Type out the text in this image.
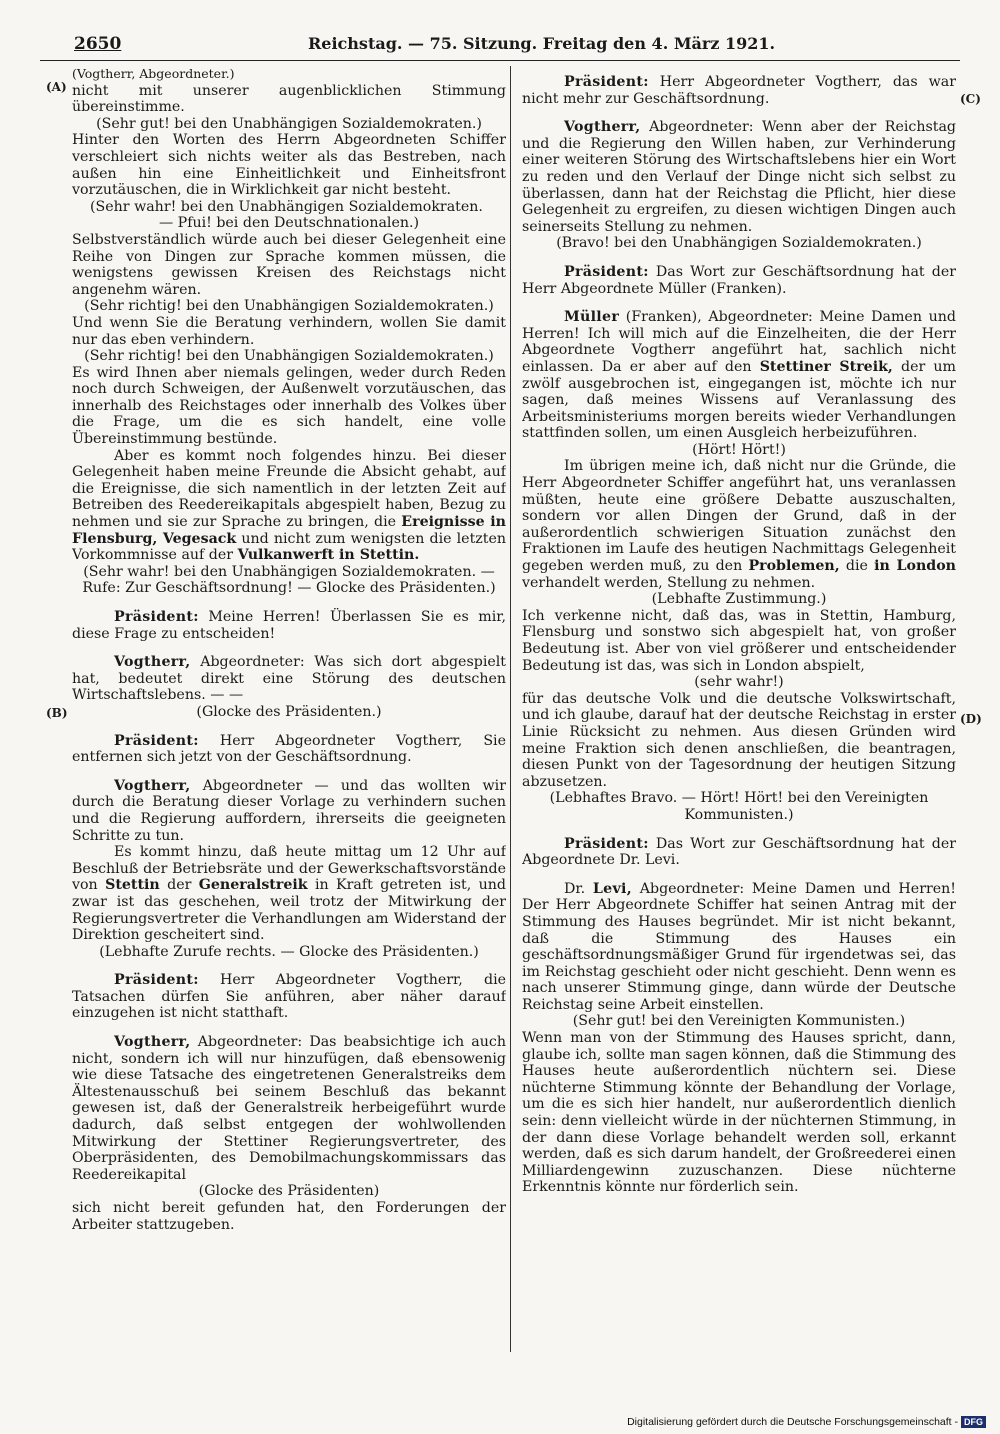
2650	Reichstag. — 75. Sitzung. Freitag den 4. März 1921.
(A)
(B)
(C)
(D)

(Vogtherr, Abgeordneter.)

nicht mit unserer augenblicklichen Stimmung übereinstimme.

(Sehr gut! bei den Unabhängigen Sozialdemokraten.)

Hinter den Worten des Herrn Abgeordneten Schiffer verschleiert sich nichts weiter als das Bestreben, nach außen hin eine Einheitlichkeit und Einheitsfront vorzutäuschen, die in Wirklichkeit gar nicht besteht.

(Sehr wahr! bei den Unabhängigen Sozialdemokraten.

— Pfui! bei den Deutschnationalen.)

Selbstverständlich würde auch bei dieser Gelegenheit eine Reihe von Dingen zur Sprache kommen müssen, die wenigstens gewissen Kreisen des Reichstags nicht angenehm wären.

(Sehr richtig! bei den Unabhängigen Sozialdemokraten.)

Und wenn Sie die Beratung verhindern, wollen Sie damit nur das eben verhindern.

(Sehr richtig! bei den Unabhängigen Sozialdemokraten.)

Es wird Ihnen aber niemals gelingen, weder durch Reden noch durch Schweigen, der Außenwelt vorzutäuschen, das innerhalb des Reichstages oder innerhalb des Volkes über die Frage, um die es sich handelt, eine volle Übereinstimmung bestünde.

Aber es kommt noch folgendes hinzu. Bei dieser Gelegenheit haben meine Freunde die Absicht gehabt, auf die Ereignisse, die sich namentlich in der letzten Zeit auf Betreiben des Reedereikapitals abgespielt haben, Bezug zu nehmen und sie zur Sprache zu bringen, die Ereignisse in Flensburg, Vegesack und nicht zum wenigsten die letzten Vorkommnisse auf der Vulkanwerft in Stettin.

(Sehr wahr! bei den Unabhängigen Sozialdemokraten. — Rufe: Zur Geschäftsordnung! — Glocke des Präsidenten.)

Präsident: Meine Herren! Überlassen Sie es mir, diese Frage zu entscheiden!

Vogtherr, Abgeordneter: Was sich dort abgespielt hat, bedeutet direkt eine Störung des deutschen Wirtschaftslebens. — —

(Glocke des Präsidenten.)

Präsident: Herr Abgeordneter Vogtherr, Sie entfernen sich jetzt von der Geschäftsordnung.

Vogtherr, Abgeordneter — und das wollten wir durch die Beratung dieser Vorlage zu verhindern suchen und die Regierung auffordern, ihrerseits die geeigneten Schritte zu tun.

Es kommt hinzu, daß heute mittag um 12 Uhr auf Beschluß der Betriebsräte und der Gewerkschaftsvorstände von Stettin der Generalstreik in Kraft getreten ist, und zwar ist das geschehen, weil trotz der Mitwirkung der Regierungsvertreter die Verhandlungen am Widerstand der Direktion gescheitert sind.

(Lebhafte Zurufe rechts. — Glocke des Präsidenten.)

Präsident: Herr Abgeordneter Vogtherr, die Tatsachen dürfen Sie anführen, aber näher darauf einzugehen ist nicht statthaft.

Vogtherr, Abgeordneter: Das beabsichtige ich auch nicht, sondern ich will nur hinzufügen, daß ebensowenig wie diese Tatsache des eingetretenen Generalstreiks dem Ältestenausschuß bei seinem Beschluß das bekannt gewesen ist, daß der Generalstreik herbeigeführt wurde dadurch, daß selbst entgegen der wohlwollenden Mitwirkung der Stettiner Regierungsvertreter, des Oberpräsidenten, des Demobilmachungskommissars das Reedereikapital

(Glocke des Präsidenten)

sich nicht bereit gefunden hat, den Forderungen der Arbeiter stattzugeben.

Präsident: Herr Abgeordneter Vogtherr, das war nicht mehr zur Geschäftsordnung.

Vogtherr, Abgeordneter: Wenn aber der Reichstag und die Regierung den Willen haben, zur Verhinderung einer weiteren Störung des Wirtschaftslebens hier ein Wort zu reden und den Verlauf der Dinge nicht sich selbst zu überlassen, dann hat der Reichstag die Pflicht, hier diese Gelegenheit zu ergreifen, zu diesen wichtigen Dingen auch seinerseits Stellung zu nehmen.

(Bravo! bei den Unabhängigen Sozialdemokraten.)

Präsident: Das Wort zur Geschäftsordnung hat der Herr Abgeordnete Müller (Franken).

Müller (Franken), Abgeordneter: Meine Damen und Herren! Ich will mich auf die Einzelheiten, die der Herr Abgeordnete Vogtherr angeführt hat, sachlich nicht einlassen. Da er aber auf den Stettiner Streik, der um zwölf ausgebrochen ist, eingegangen ist, möchte ich nur sagen, daß meines Wissens auf Veranlassung des Arbeitsministeriums morgen bereits wieder Verhandlungen stattfinden sollen, um einen Ausgleich herbeizuführen.

(Hört! Hört!)

Im übrigen meine ich, daß nicht nur die Gründe, die Herr Abgeordneter Schiffer angeführt hat, uns veranlassen müßten, heute eine größere Debatte auszuschalten, sondern vor allen Dingen der Grund, daß in der außerordentlich schwierigen Situation zunächst den Fraktionen im Laufe des heutigen Nachmittags Gelegenheit gegeben werden muß, zu den Problemen, die in London verhandelt werden, Stellung zu nehmen.

(Lebhafte Zustimmung.)

Ich verkenne nicht, daß das, was in Stettin, Hamburg, Flensburg und sonstwo sich abgespielt hat, von großer Bedeutung ist. Aber von viel größerer und entscheidender Bedeutung ist das, was sich in London abspielt,

(sehr wahr!)

für das deutsche Volk und die deutsche Volkswirtschaft, und ich glaube, darauf hat der deutsche Reichstag in erster Linie Rücksicht zu nehmen. Aus diesen Gründen wird meine Fraktion sich denen anschließen, die beantragen, diesen Punkt von der Tagesordnung der heutigen Sitzung abzusetzen.

(Lebhaftes Bravo. — Hört! Hört! bei den Vereinigten Kommunisten.)

Präsident: Das Wort zur Geschäftsordnung hat der Abgeordnete Dr. Levi.

Dr. Levi, Abgeordneter: Meine Damen und Herren! Der Herr Abgeordnete Schiffer hat seinen Antrag mit der Stimmung des Hauses begründet. Mir ist nicht bekannt, daß die Stimmung des Hauses ein geschäftsordnungsmäßiger Grund für irgendetwas sei, das im Reichstag geschieht oder nicht geschieht. Denn wenn es nach unserer Stimmung ginge, dann würde der Deutsche Reichstag seine Arbeit einstellen.

(Sehr gut! bei den Vereinigten Kommunisten.)

Wenn man von der Stimmung des Hauses spricht, dann, glaube ich, sollte man sagen können, daß die Stimmung des Hauses heute außerordentlich nüchtern sei. Diese nüchterne Stimmung könnte der Behandlung der Vorlage, um die es sich hier handelt, nur außerordentlich dienlich sein: denn vielleicht würde in der nüchternen Stimmung, in der dann diese Vorlage behandelt werden soll, erkannt werden, daß es sich darum handelt, der Großreederei einen Milliardengewinn zuzuschanzen. Diese nüchterne Erkenntnis könnte nur förderlich sein.

Digitalisierung gefördert durch die Deutsche Forschungsgemeinschaft - DFG
